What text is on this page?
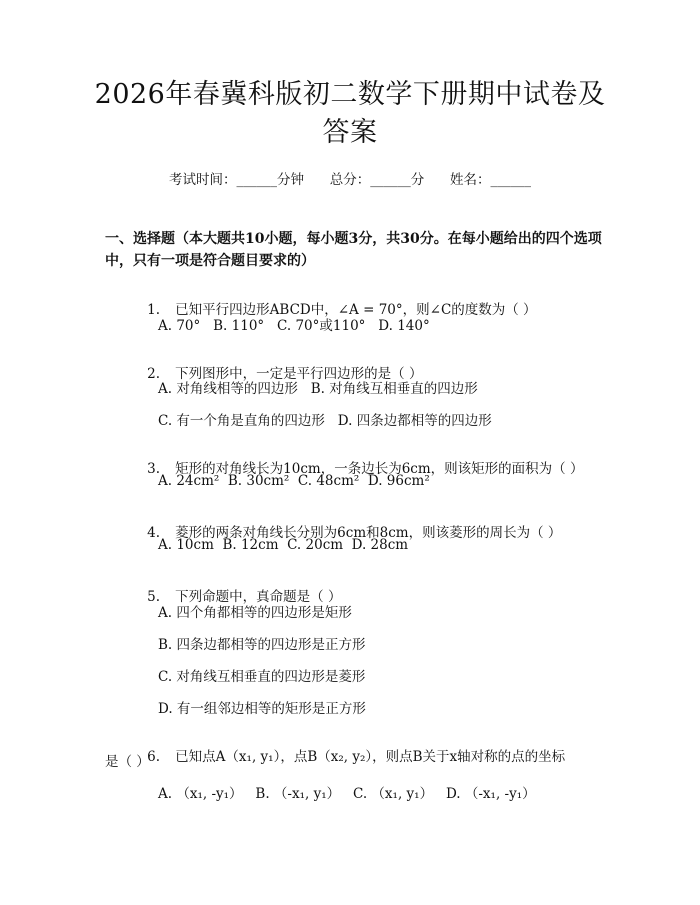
2026年春冀科版初二数学下册期中试卷及答案
考试时间：______分钟 总分：______分 姓名：______
一、选择题（本大题共10小题，每小题3分，共30分。在每小题给出的四个选项中，只有一项是符合题目要求的）

1. 已知平行四边形ABCD中，∠A = 70°，则∠C的度数为（ ）

A. 70°   B. 110°   C. 70°或110°   D. 140°

2. 下列图形中，一定是平行四边形的是（ ）

A. 对角线相等的四边形   B. 对角线互相垂直的四边形
C. 有一个角是直角的四边形   D. 四条边都相等的四边形

3. 矩形的对角线长为10cm，一条边长为6cm，则该矩形的面积为（ ）

A. 24cm²  B. 30cm²  C. 48cm²  D. 96cm²

4. 菱形的两条对角线长分别为6cm和8cm，则该菱形的周长为（ ）

A. 10cm  B. 12cm  C. 20cm  D. 28cm

5. 下列命题中，真命题是（ ）

A. 四个角都相等的四边形是矩形
B. 四条边都相等的四边形是正方形
C. 对角线互相垂直的四边形是菱形
D. 有一组邻边相等的矩形是正方形

6. 已知点A（x₁, y₁），点B（x₂, y₂），则点B关于x轴对称的点的坐标

是（ ）
A. （x₁, -y₁）   B. （-x₁, y₁）   C. （x₁, y₁）   D. （-x₁, -y₁）
